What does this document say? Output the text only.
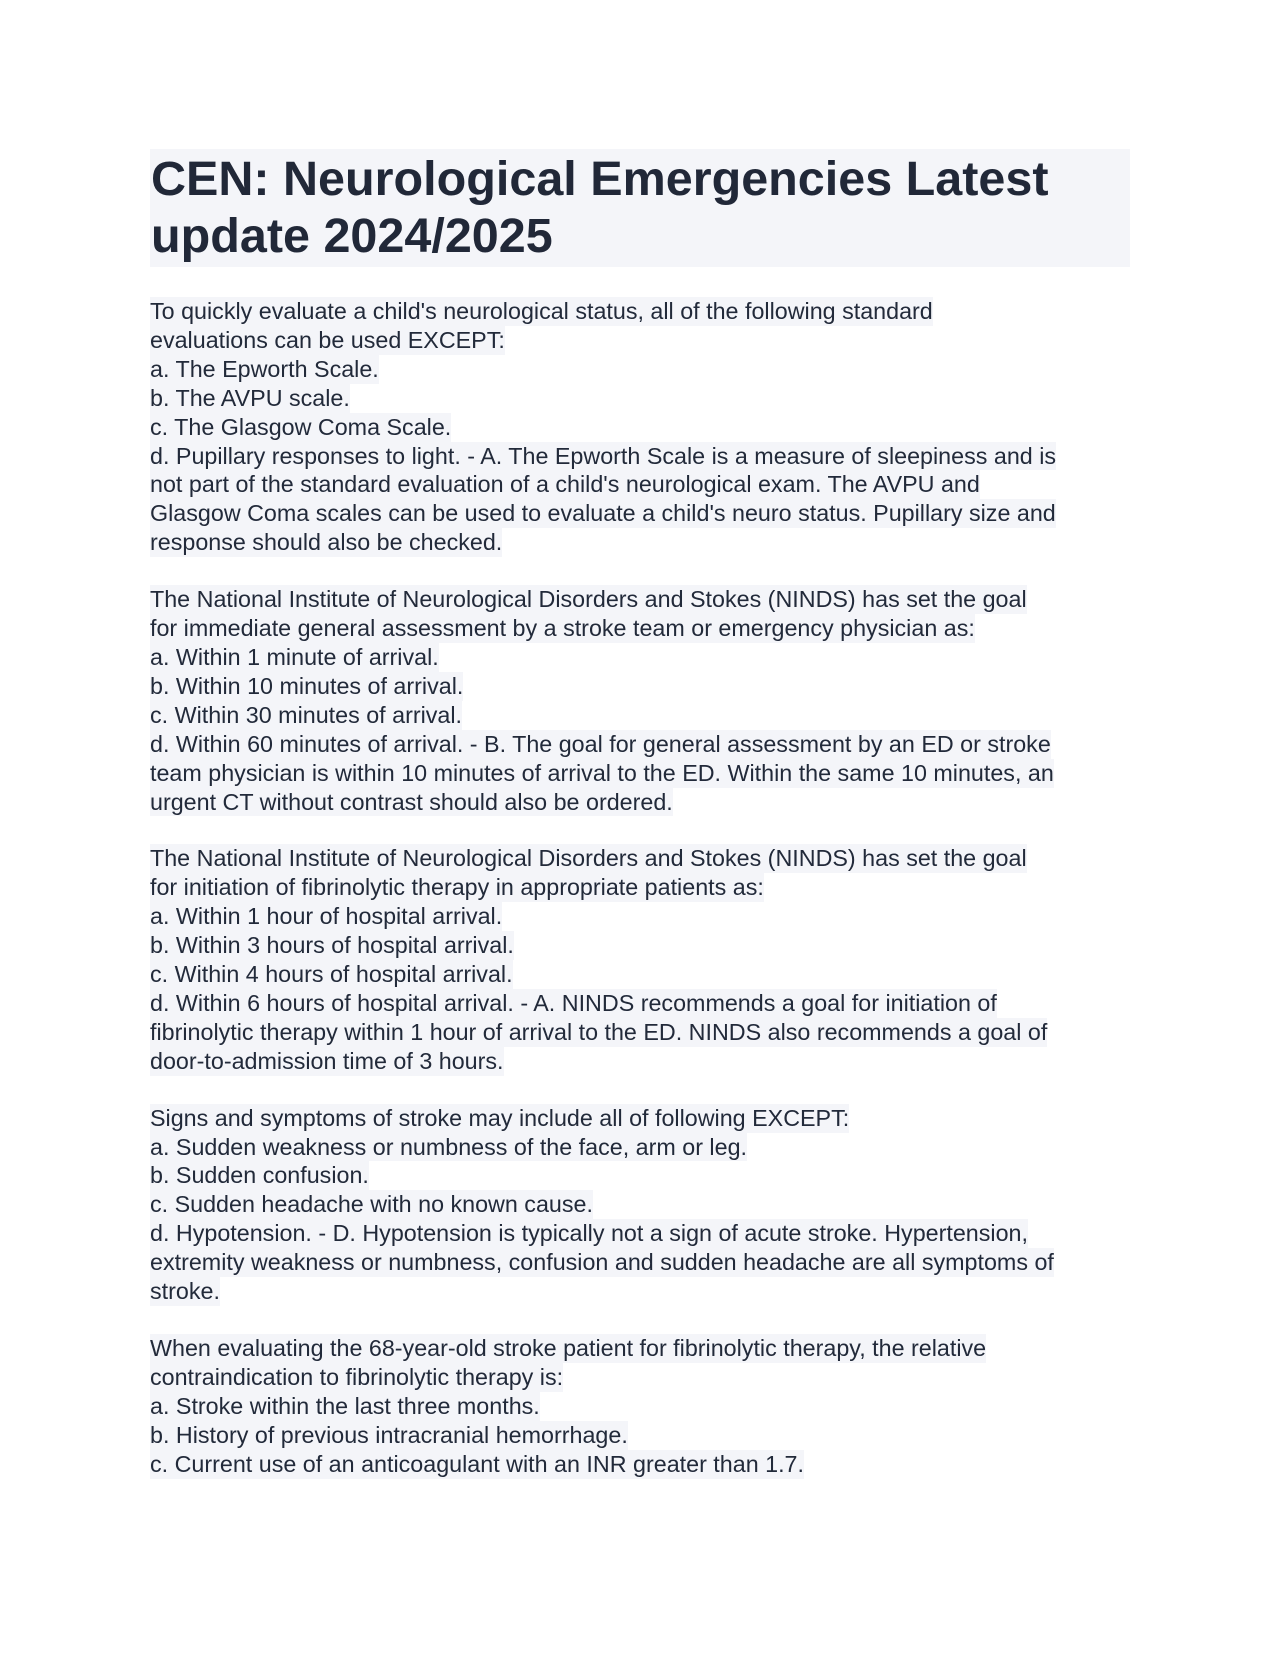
CEN: Neurological Emergencies Latest update 2024/2025
To quickly evaluate a child's neurological status, all of the following standard
evaluations can be used EXCEPT:
a. The Epworth Scale.
b. The AVPU scale.
c. The Glasgow Coma Scale.
d. Pupillary responses to light. - A. The Epworth Scale is a measure of sleepiness and is
not part of the standard evaluation of a child's neurological exam. The AVPU and
Glasgow Coma scales can be used to evaluate a child's neuro status. Pupillary size and
response should also be checked.
The National Institute of Neurological Disorders and Stokes (NINDS) has set the goal
for immediate general assessment by a stroke team or emergency physician as:
a. Within 1 minute of arrival.
b. Within 10 minutes of arrival.
c. Within 30 minutes of arrival.
d. Within 60 minutes of arrival. - B. The goal for general assessment by an ED or stroke
team physician is within 10 minutes of arrival to the ED. Within the same 10 minutes, an
urgent CT without contrast should also be ordered.
The National Institute of Neurological Disorders and Stokes (NINDS) has set the goal
for initiation of fibrinolytic therapy in appropriate patients as:
a. Within 1 hour of hospital arrival.
b. Within 3 hours of hospital arrival.
c. Within 4 hours of hospital arrival.
d. Within 6 hours of hospital arrival. - A. NINDS recommends a goal for initiation of
fibrinolytic therapy within 1 hour of arrival to the ED. NINDS also recommends a goal of
door-to-admission time of 3 hours.
Signs and symptoms of stroke may include all of following EXCEPT:
a. Sudden weakness or numbness of the face, arm or leg.
b. Sudden confusion.
c. Sudden headache with no known cause.
d. Hypotension. - D. Hypotension is typically not a sign of acute stroke. Hypertension,
extremity weakness or numbness, confusion and sudden headache are all symptoms of
stroke.
When evaluating the 68-year-old stroke patient for fibrinolytic therapy, the relative
contraindication to fibrinolytic therapy is:
a. Stroke within the last three months.
b. History of previous intracranial hemorrhage.
c. Current use of an anticoagulant with an INR greater than 1.7.
